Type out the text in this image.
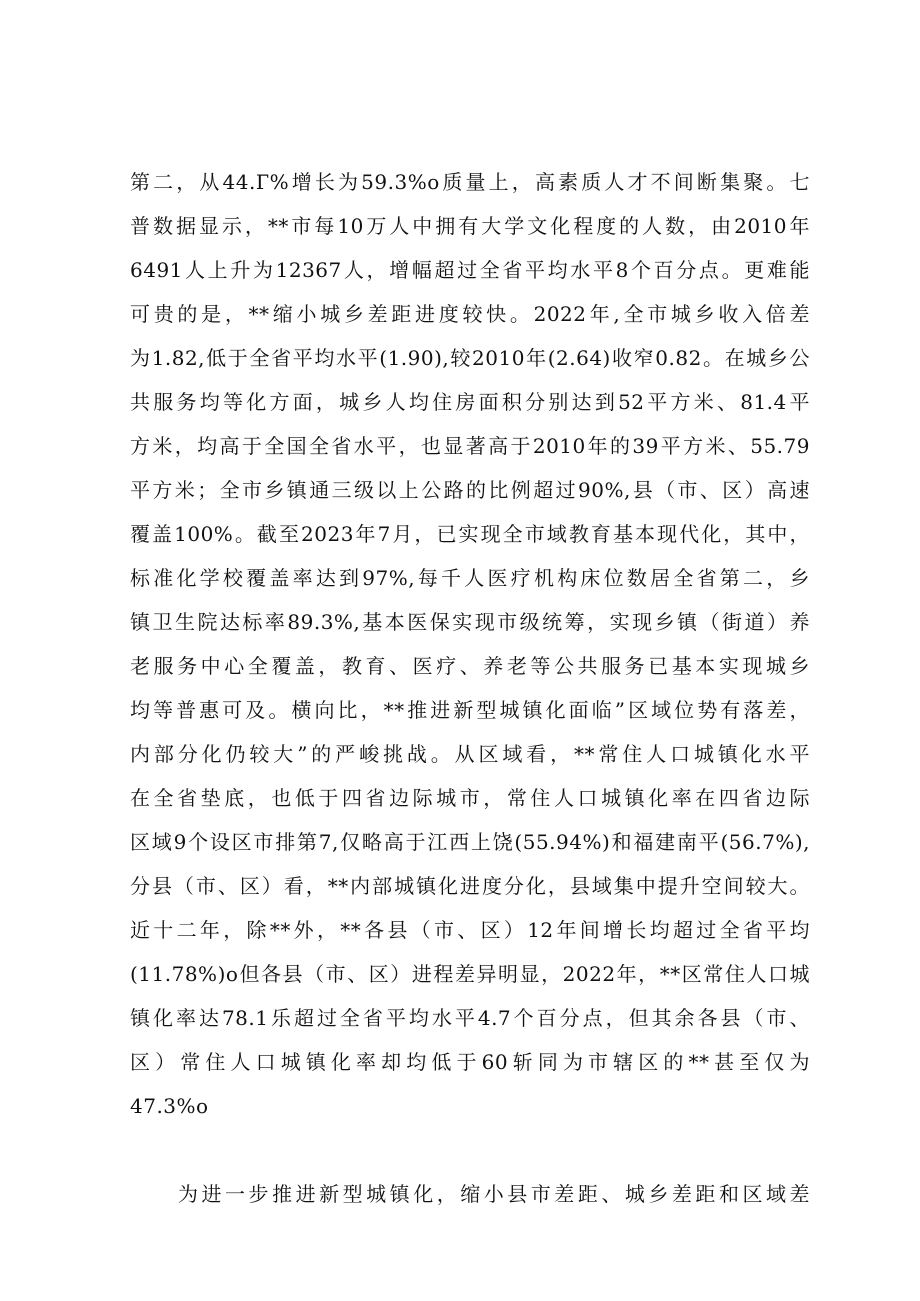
第二，从44.Г%增长为59.3%o质量上，高素质人才不间断集聚。七
普数据显示，**市每10万人中拥有大学文化程度的人数，由2010年
6491人上升为12367人，增幅超过全省平均水平8个百分点。更难能
可贵的是，**缩小城乡差距进度较快。2022年,全市城乡收入倍差
为1.82,低于全省平均水平(1.90),较2010年(2.64)收窄0.82。在城乡公
共服务均等化方面，城乡人均住房面积分别达到52平方米、81.4平
方米，均高于全国全省水平，也显著高于2010年的39平方米、55.79
平方米；全市乡镇通三级以上公路的比例超过90%,县（市、区）高速
覆盖100%。截至2023年7月，已实现全市域教育基本现代化，其中，
标准化学校覆盖率达到97%,每千人医疗机构床位数居全省第二，乡
镇卫生院达标率89.3%,基本医保实现市级统筹，实现乡镇（街道）养
老服务中心全覆盖，教育、医疗、养老等公共服务已基本实现城乡
均等普惠可及。横向比，**推进新型城镇化面临”区域位势有落差，
内部分化仍较大”的严峻挑战。从区域看，**常住人口城镇化水平
在全省垫底，也低于四省边际城市，常住人口城镇化率在四省边际
区域9个设区市排第7,仅略高于江西上饶(55.94%)和福建南平(56.7%),
分县（市、区）看，**内部城镇化进度分化，县域集中提升空间较大。
近十二年，除**外，**各县（市、区）12年间增长均超过全省平均
(11.78%)o但各县（市、区）进程差异明显，2022年，**区常住人口城
镇化率达78.1乐超过全省平均水平4.7个百分点，但其余各县（市、
区）常住人口城镇化率却均低于60斩同为市辖区的**甚至仅为
47.3%o
为进一步推进新型城镇化，缩小县市差距、城乡差距和区域差
